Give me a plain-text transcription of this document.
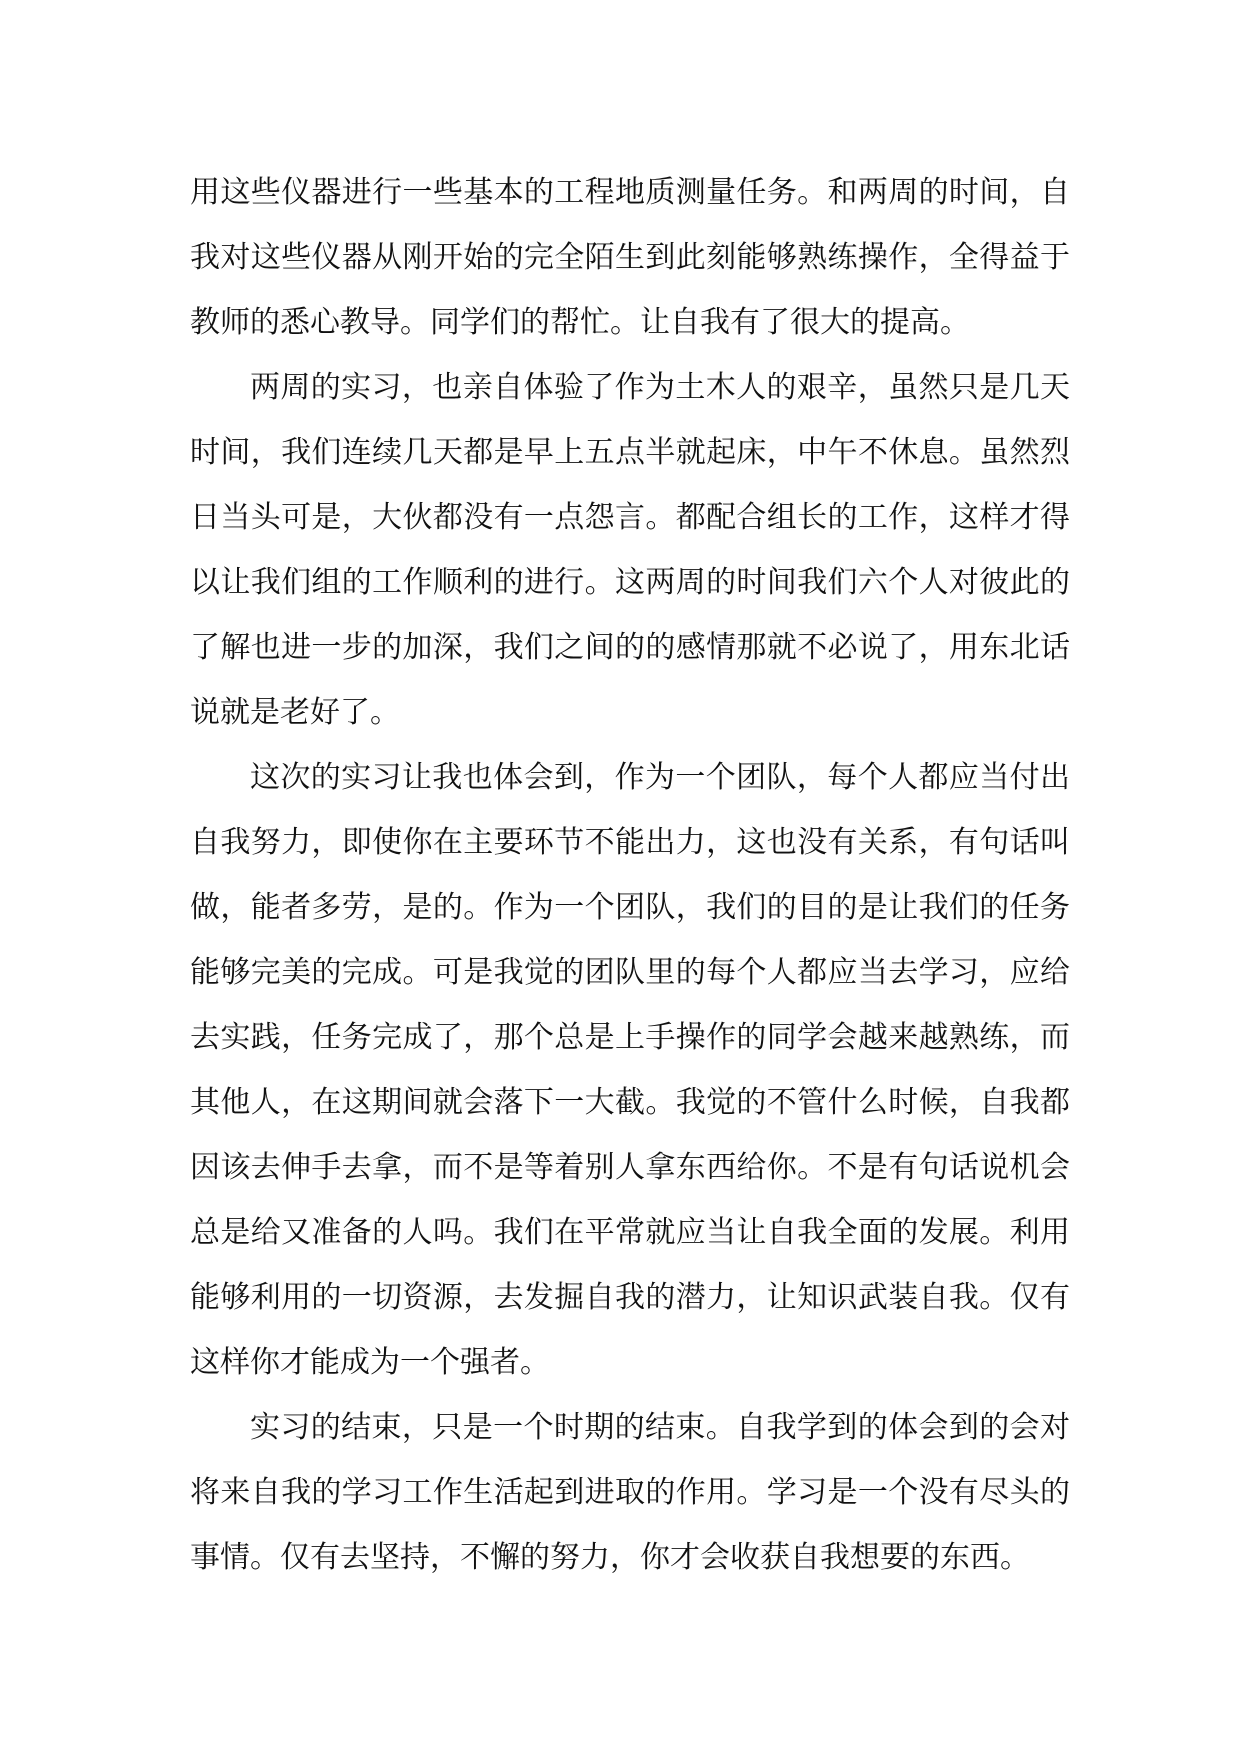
用这些仪器进行一些基本的工程地质测量任务。和两周的时间，自我对这些仪器从刚开始的完全陌生到此刻能够熟练操作，全得益于教师的悉心教导。同学们的帮忙。让自我有了很大的提高。

两周的实习，也亲自体验了作为土木人的艰辛，虽然只是几天时间，我们连续几天都是早上五点半就起床，中午不休息。虽然烈日当头可是，大伙都没有一点怨言。都配合组长的工作，这样才得以让我们组的工作顺利的进行。这两周的时间我们六个人对彼此的了解也进一步的加深，我们之间的的感情那就不必说了，用东北话说就是老好了。

这次的实习让我也体会到，作为一个团队，每个人都应当付出自我努力，即使你在主要环节不能出力，这也没有关系，有句话叫做，能者多劳，是的。作为一个团队，我们的目的是让我们的任务能够完美的完成。可是我觉的团队里的每个人都应当去学习，应给去实践，任务完成了，那个总是上手操作的同学会越来越熟练，而其他人，在这期间就会落下一大截。我觉的不管什么时候，自我都因该去伸手去拿，而不是等着别人拿东西给你。不是有句话说机会总是给又准备的人吗。我们在平常就应当让自我全面的发展。利用能够利用的一切资源，去发掘自我的潜力，让知识武装自我。仅有这样你才能成为一个强者。

实习的结束，只是一个时期的结束。自我学到的体会到的会对将来自我的学习工作生活起到进取的作用。学习是一个没有尽头的事情。仅有去坚持，不懈的努力，你才会收获自我想要的东西。
